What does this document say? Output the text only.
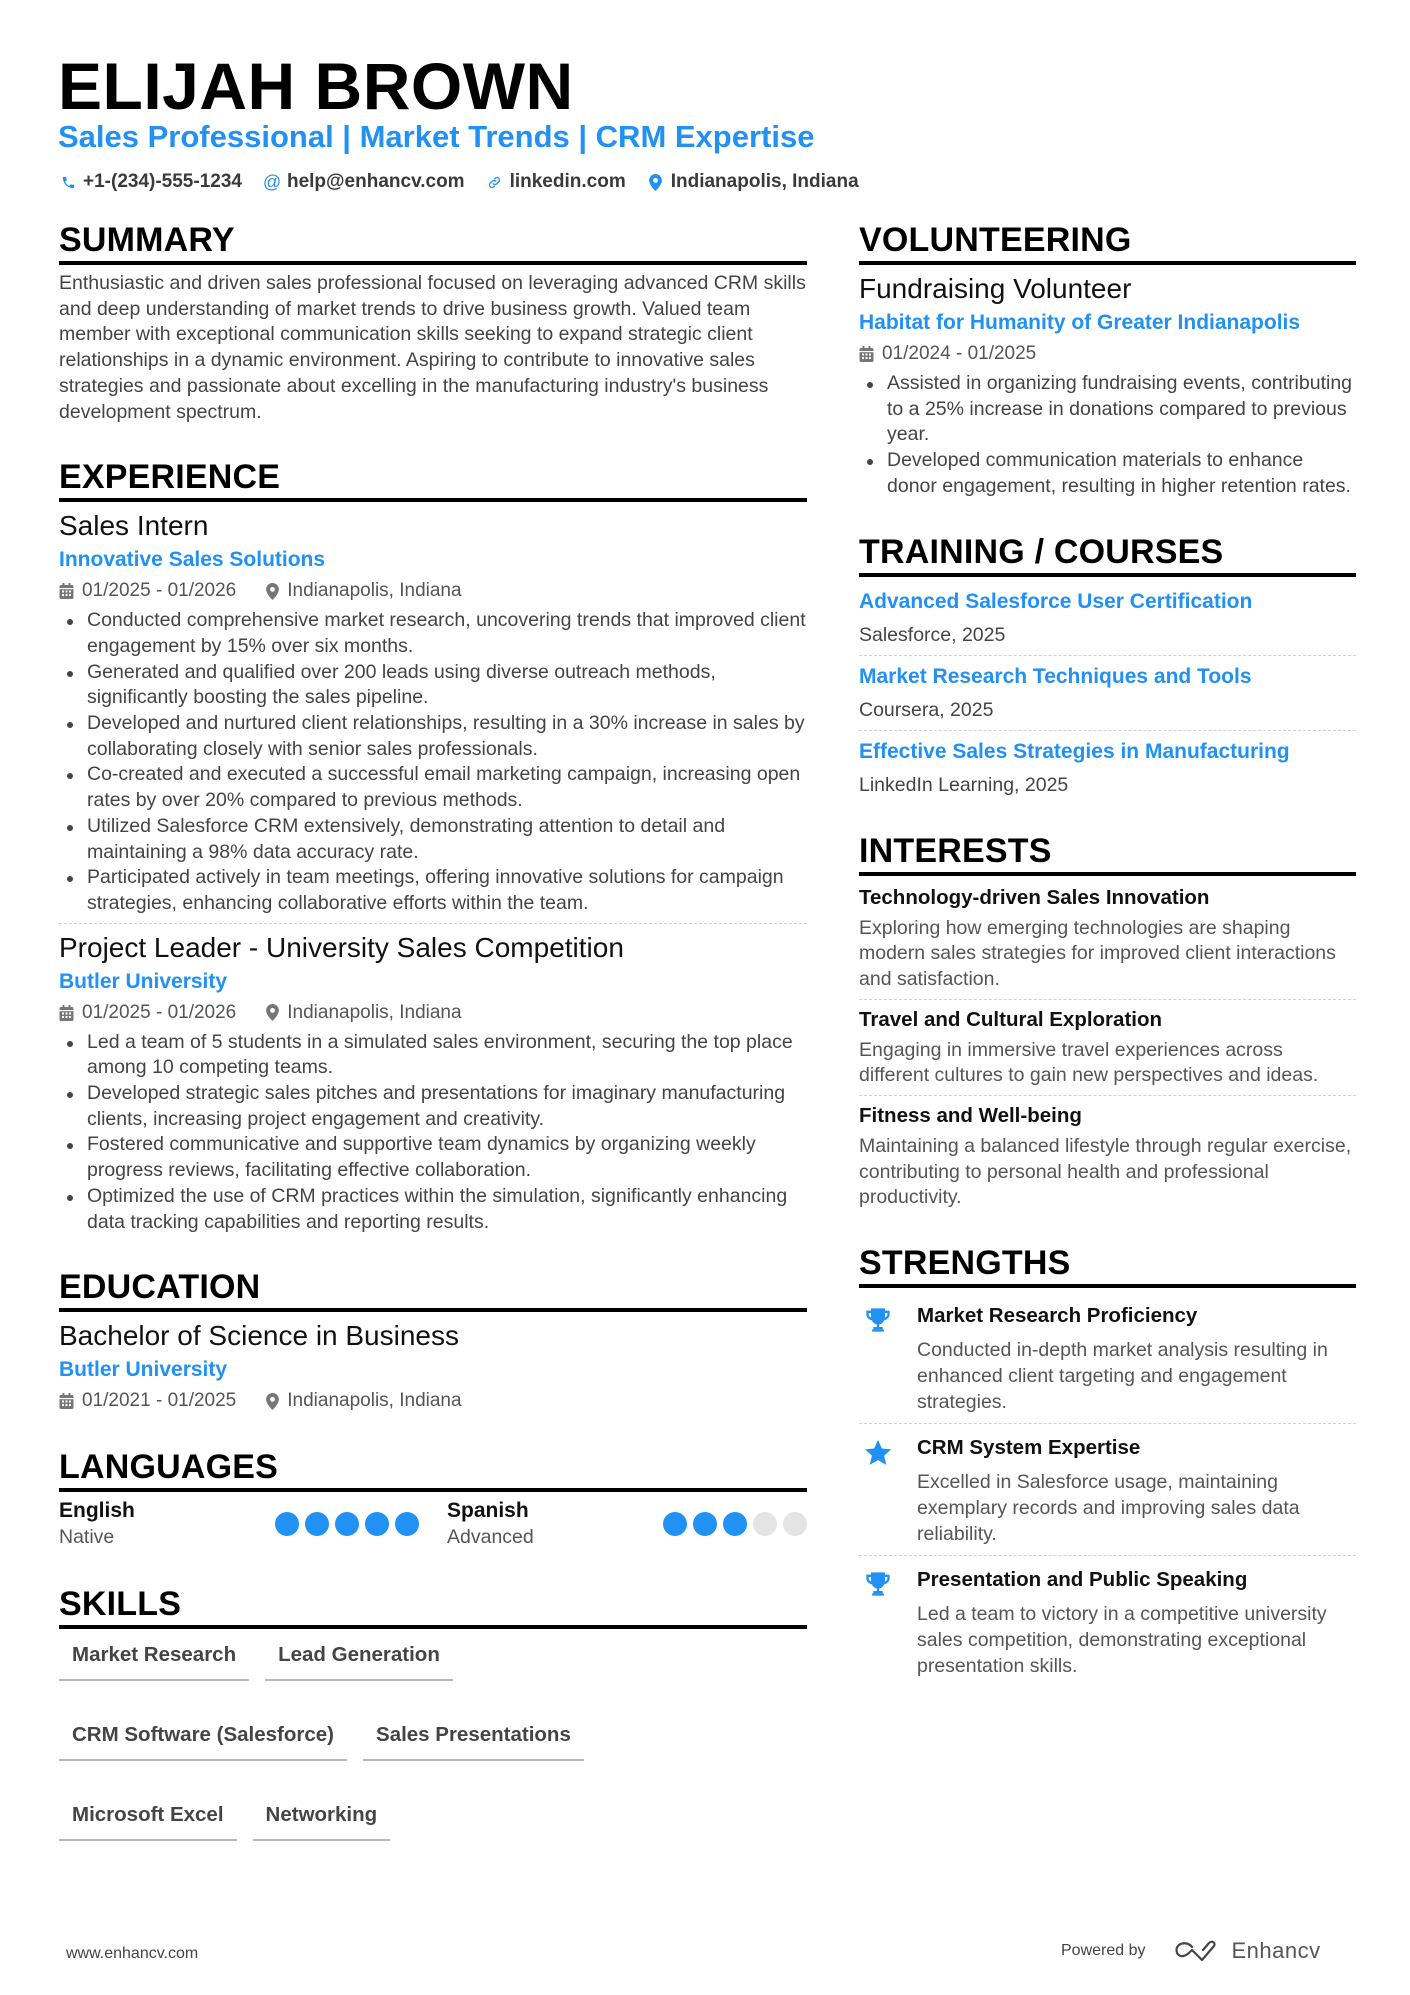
ELIJAH BROWN
Sales Professional | Market Trends | CRM Expertise
+1-(234)-555-1234 @ help@enhancv.com linkedin.com Indianapolis, Indiana
SUMMARY
Enthusiastic and driven sales professional focused on leveraging advanced CRM skills and deep understanding of market trends to drive business growth. Valued team member with exceptional communication skills seeking to expand strategic client relationships in a dynamic environment. Aspiring to contribute to innovative sales strategies and passionate about excelling in the manufacturing industry's business development spectrum.
EXPERIENCE
Sales Intern
Innovative Sales Solutions
01/2025 - 01/2026	Indianapolis, Indiana
Conducted comprehensive market research, uncovering trends that improved client engagement by 15% over six months.
Generated and qualified over 200 leads using diverse outreach methods, significantly boosting the sales pipeline.
Developed and nurtured client relationships, resulting in a 30% increase in sales by collaborating closely with senior sales professionals.
Co-created and executed a successful email marketing campaign, increasing open rates by over 20% compared to previous methods.
Utilized Salesforce CRM extensively, demonstrating attention to detail and maintaining a 98% data accuracy rate.
Participated actively in team meetings, offering innovative solutions for campaign strategies, enhancing collaborative efforts within the team.
Project Leader - University Sales Competition
Butler University
01/2025 - 01/2026	Indianapolis, Indiana
Led a team of 5 students in a simulated sales environment, securing the top place among 10 competing teams.
Developed strategic sales pitches and presentations for imaginary manufacturing clients, increasing project engagement and creativity.
Fostered communicative and supportive team dynamics by organizing weekly progress reviews, facilitating effective collaboration.
Optimized the use of CRM practices within the simulation, significantly enhancing data tracking capabilities and reporting results.
EDUCATION
Bachelor of Science in Business
Butler University
01/2021 - 01/2025	Indianapolis, Indiana
LANGUAGES
English
Native
Spanish
Advanced
SKILLS
Market Research	Lead Generation
CRM Software (Salesforce)	Sales Presentations
Microsoft Excel	Networking
VOLUNTEERING
Fundraising Volunteer
Habitat for Humanity of Greater Indianapolis
01/2024 - 01/2025
Assisted in organizing fundraising events, contributing to a 25% increase in donations compared to previous year.
Developed communication materials to enhance donor engagement, resulting in higher retention rates.
TRAINING / COURSES
Advanced Salesforce User Certification
Salesforce, 2025
Market Research Techniques and Tools
Coursera, 2025
Effective Sales Strategies in Manufacturing
LinkedIn Learning, 2025
INTERESTS
Technology-driven Sales Innovation
Exploring how emerging technologies are shaping modern sales strategies for improved client interactions and satisfaction.
Travel and Cultural Exploration
Engaging in immersive travel experiences across different cultures to gain new perspectives and ideas.
Fitness and Well-being
Maintaining a balanced lifestyle through regular exercise, contributing to personal health and professional productivity.
STRENGTHS
Market Research Proficiency
Conducted in-depth market analysis resulting in enhanced client targeting and engagement strategies.
CRM System Expertise
Excelled in Salesforce usage, maintaining exemplary records and improving sales data reliability.
Presentation and Public Speaking
Led a team to victory in a competitive university sales competition, demonstrating exceptional presentation skills.
www.enhancv.com	Powered by	Enhancv
